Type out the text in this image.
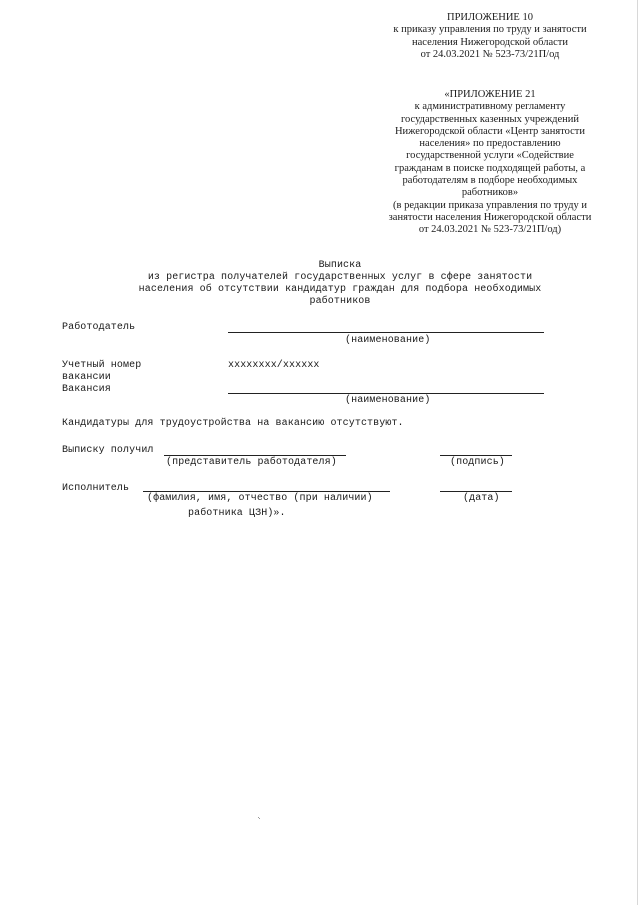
ПРИЛОЖЕНИЕ 10
к приказу управления по труду и занятости
населения Нижегородской области
от 24.03.2021 № 523-73/21П/од
«ПРИЛОЖЕНИЕ 21
к административному регламенту
государственных казенных учреждений
Нижегородской области «Центр занятости
населения» по предоставлению
государственной услуги «Содействие
гражданам в поиске подходящей работы, а
работодателям в подборе необходимых
работников»
(в редакции приказа управления по труду и
занятости населения Нижегородской области
от 24.03.2021 № 523-73/21П/од)
Выписка
из регистра получателей государственных услуг в сфере занятости
населения об отсутствии кандидатур граждан для подбора необходимых
работников
Работодатель
(наименование)
Учетный номер
вакансии
xxxxxxxx/xxxxxx
Вакансия
(наименование)
Кандидатуры для трудоустройства на вакансию отсутствуют.
Выписку получил
(представитель работодателя)	(подпись)
Исполнитель
(фамилия, имя, отчество (при наличии)	(дата)
работника ЦЗН)».
